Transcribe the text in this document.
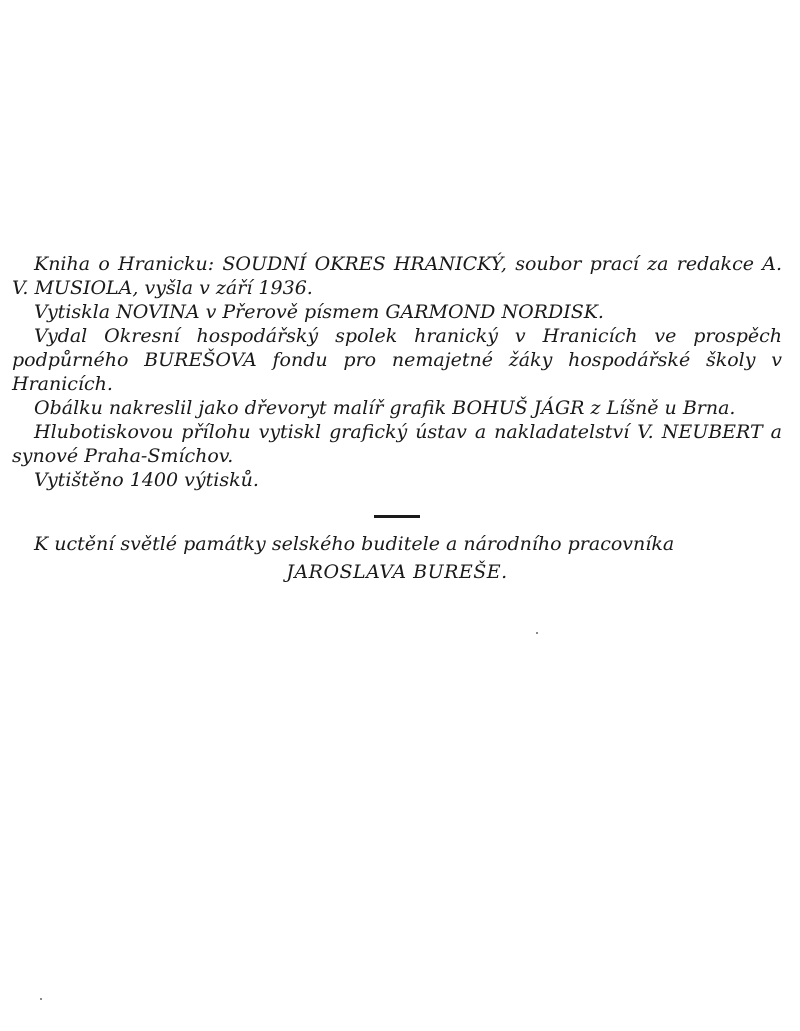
Kniha o Hranicku: SOUDNÍ OKRES HRANICKÝ, soubor prací za redakce A. V. MUSIOLA, vyšla v září 1936.

Vytiskla NOVINA v Přerově písmem GARMOND NORDISK.

Vydal Okresní hospodářský spolek hranický v Hranicích ve prospěch podpůrného BUREŠOVA fondu pro nemajetné žáky hospodářské školy v Hranicích.

Obálku nakreslil jako dřevoryt malíř grafik BOHUŠ JÁGR z Líšně u Brna.

Hlubotiskovou přílohu vytiskl grafický ústav a nakladatelství V. NEUBERT a synové Praha-Smíchov.

Vytištěno 1400 výtisků.

K uctění světlé památky selského buditele a národního pracovníka

JAROSLAVA BUREŠE.
